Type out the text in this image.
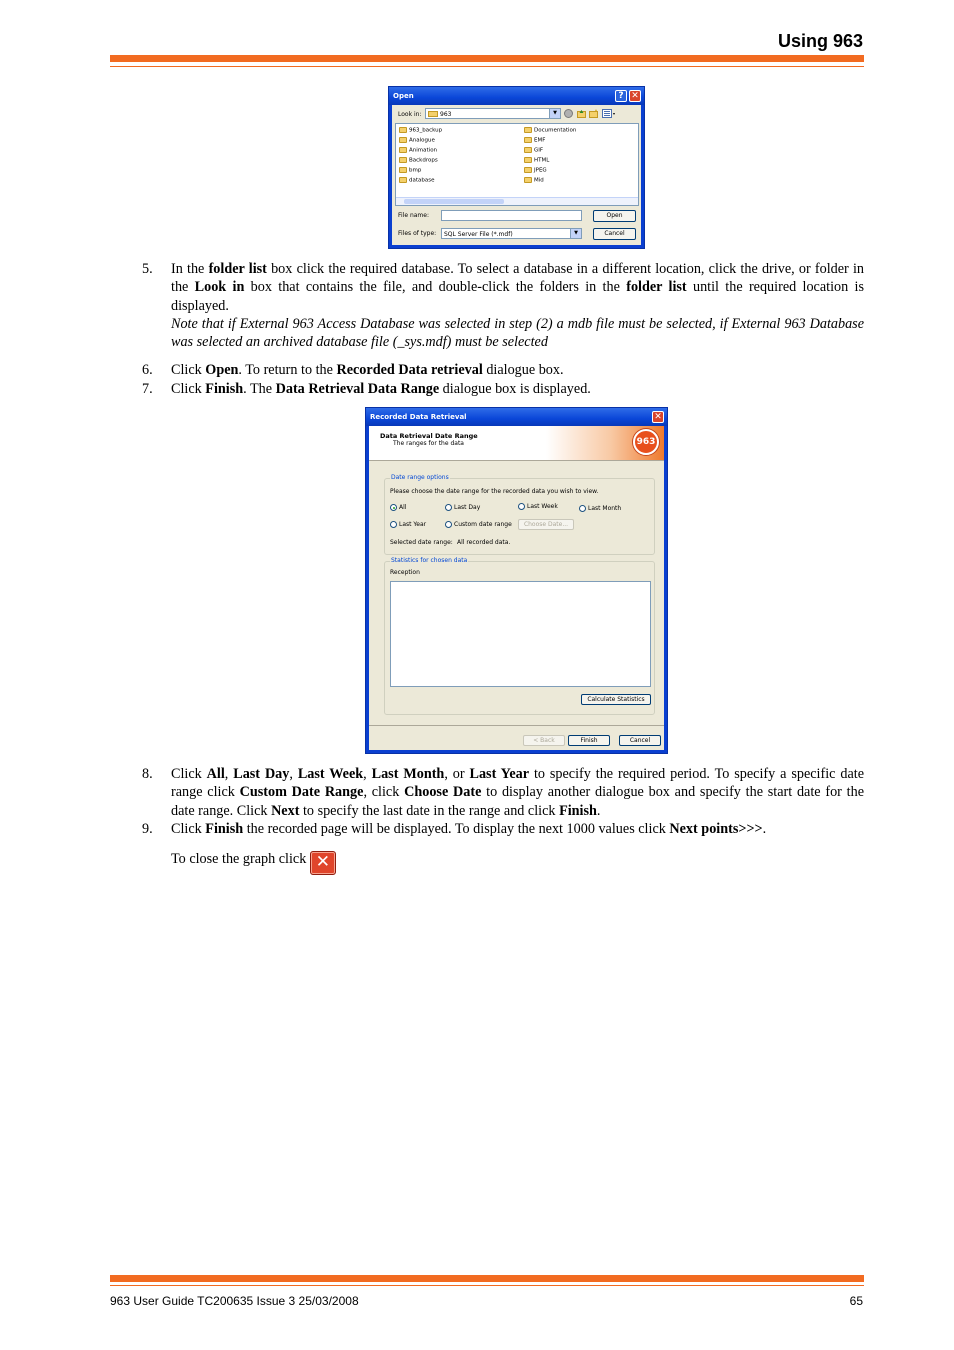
Using 963
Open	? ✕
Look in:	963	▼
963_backup
Analogue
Animation
Backdrops
bmp
database
Documentation
EMF
GIF
HTML
JPEG
Mid
File name:
Files of type: SQL Server File (*.mdf)	▼
Open
Cancel
5. In the folder list box click the required database. To select a database in a different location, click the drive, or folder in the Look in box that contains the file, and double-click the folders in the folder list until the required location is displayed.
Note that if External 963 Access Database was selected in step (2) a mdb file must be selected, if External 963 Database was selected an archived database file (_sys.mdf) must be selected
6. Click Open. To return to the Recorded Data retrieval dialogue box.
7. Click Finish. The Data Retrieval Data Range dialogue box is displayed.
Recorded Data Retrieval	✕
Data Retrieval Date Range
The ranges for the data	963
Date range options
Please choose the date range for the recorded data you wish to view.
All	Last Day	Last Week	Last Month
Last Year	Custom date range	Choose Date...
Selected date range: All recorded data.
Statistics for chosen data
Reception
Calculate Statistics
< Back	Finish	Cancel
8. Click All, Last Day, Last Week, Last Month, or Last Year to specify the required period. To specify a specific date range click Custom Date Range, click Choose Date to display another dialogue box and specify the start date for the date range. Click Next to specify the last date in the range and click Finish.
9. Click Finish the recorded page will be displayed. To display the next 1000 values click Next points>>>.
To close the graph click ✕
963 User Guide TC200635 Issue 3 25/03/2008	65
